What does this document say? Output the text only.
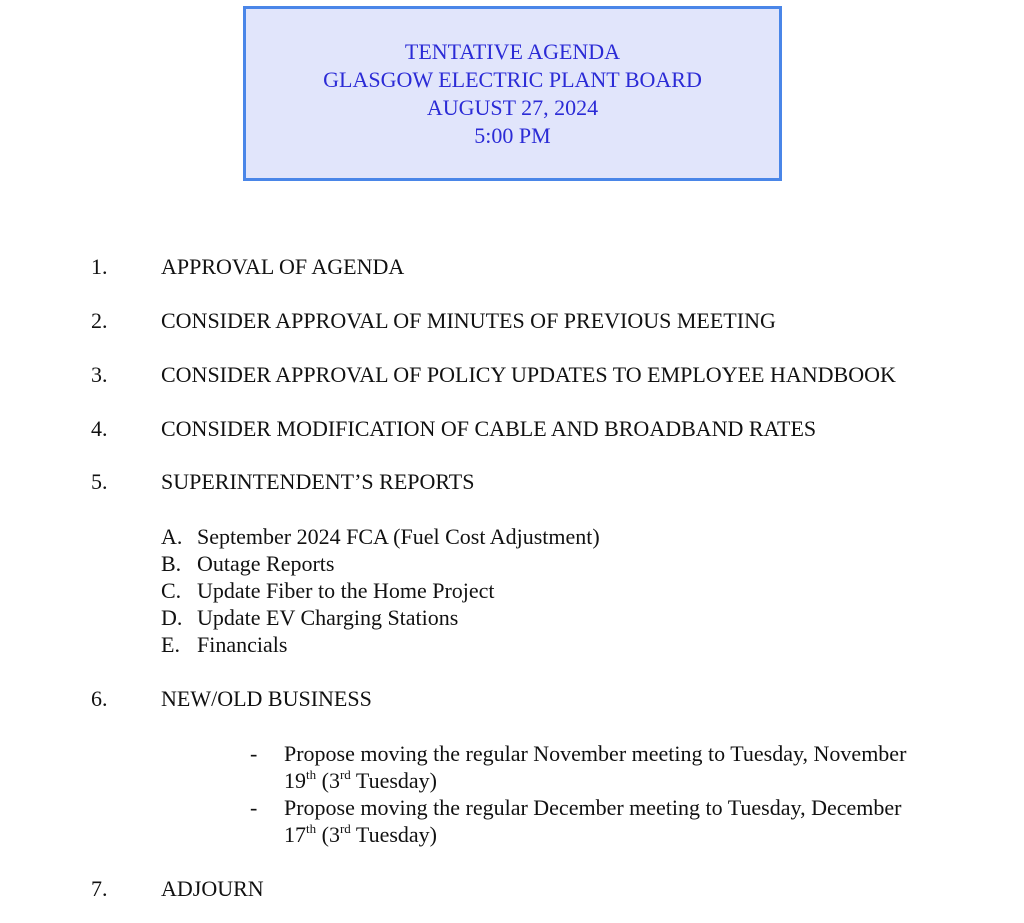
TENTATIVE AGENDA
GLASGOW ELECTRIC PLANT BOARD
AUGUST 27, 2024
5:00 PM
1. APPROVAL OF AGENDA
2. CONSIDER APPROVAL OF MINUTES OF PREVIOUS MEETING
3. CONSIDER APPROVAL OF POLICY UPDATES TO EMPLOYEE HANDBOOK
4. CONSIDER MODIFICATION OF CABLE AND BROADBAND RATES
5. SUPERINTENDENT’S REPORTS
A. September 2024 FCA (Fuel Cost Adjustment)
B. Outage Reports
C. Update Fiber to the Home Project
D. Update EV Charging Stations
E. Financials
6. NEW/OLD BUSINESS
- Propose moving the regular November meeting to Tuesday, November
19th (3rd Tuesday)
- Propose moving the regular December meeting to Tuesday, December
17th (3rd Tuesday)
7. ADJOURN
